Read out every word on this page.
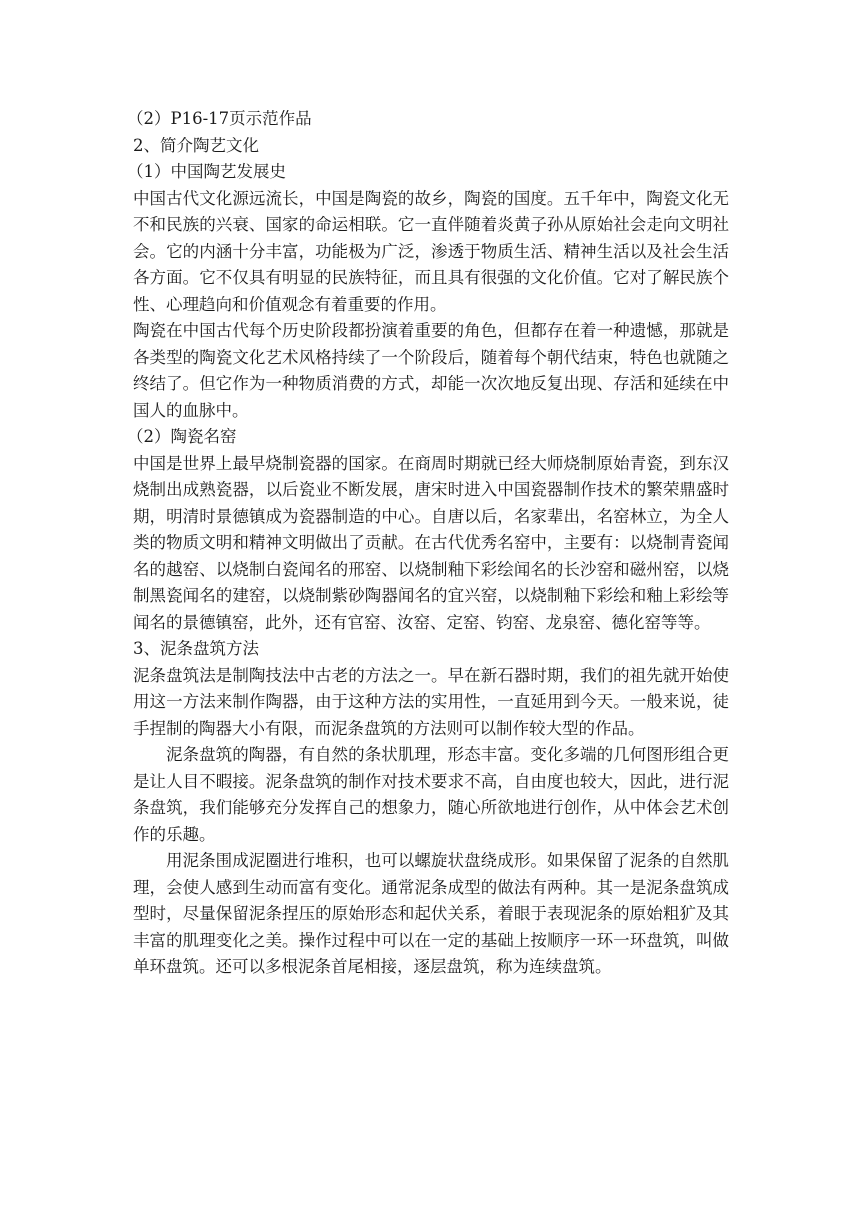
（2）P16-17页示范作品

2、简介陶艺文化

（1）中国陶艺发展史

中国古代文化源远流长，中国是陶瓷的故乡，陶瓷的国度。五千年中，陶瓷文化无不和民族的兴衰、国家的命运相联。它一直伴随着炎黄子孙从原始社会走向文明社会。它的内涵十分丰富，功能极为广泛，渗透于物质生活、精神生活以及社会生活各方面。它不仅具有明显的民族特征，而且具有很强的文化价值。它对了解民族个性、心理趋向和价值观念有着重要的作用。

陶瓷在中国古代每个历史阶段都扮演着重要的角色，但都存在着一种遗憾，那就是各类型的陶瓷文化艺术风格持续了一个阶段后，随着每个朝代结束，特色也就随之终结了。但它作为一种物质消费的方式，却能一次次地反复出现、存活和延续在中国人的血脉中。

（2）陶瓷名窑

中国是世界上最早烧制瓷器的国家。在商周时期就已经大师烧制原始青瓷，到东汉烧制出成熟瓷器，以后瓷业不断发展，唐宋时进入中国瓷器制作技术的繁荣鼎盛时期，明清时景德镇成为瓷器制造的中心。自唐以后，名家辈出，名窑林立，为全人类的物质文明和精神文明做出了贡献。在古代优秀名窑中，主要有：以烧制青瓷闻名的越窑、以烧制白瓷闻名的邢窑、以烧制釉下彩绘闻名的长沙窑和磁州窑，以烧制黑瓷闻名的建窑，以烧制紫砂陶器闻名的宜兴窑，以烧制釉下彩绘和釉上彩绘等闻名的景德镇窑，此外，还有官窑、汝窑、定窑、钧窑、龙泉窑、德化窑等等。

3、泥条盘筑方法

泥条盘筑法是制陶技法中古老的方法之一。早在新石器时期，我们的祖先就开始使用这一方法来制作陶器，由于这种方法的实用性，一直延用到今天。一般来说，徒手捏制的陶器大小有限，而泥条盘筑的方法则可以制作较大型的作品。

泥条盘筑的陶器，有自然的条状肌理，形态丰富。变化多端的几何图形组合更是让人目不暇接。泥条盘筑的制作对技术要求不高，自由度也较大，因此，进行泥条盘筑，我们能够充分发挥自己的想象力，随心所欲地进行创作，从中体会艺术创作的乐趣。

用泥条围成泥圈进行堆积，也可以螺旋状盘绕成形。如果保留了泥条的自然肌理，会使人感到生动而富有变化。通常泥条成型的做法有两种。其一是泥条盘筑成型时，尽量保留泥条捏压的原始形态和起伏关系，着眼于表现泥条的原始粗犷及其丰富的肌理变化之美。操作过程中可以在一定的基础上按顺序一环一环盘筑，叫做单环盘筑。还可以多根泥条首尾相接，逐层盘筑，称为连续盘筑。
